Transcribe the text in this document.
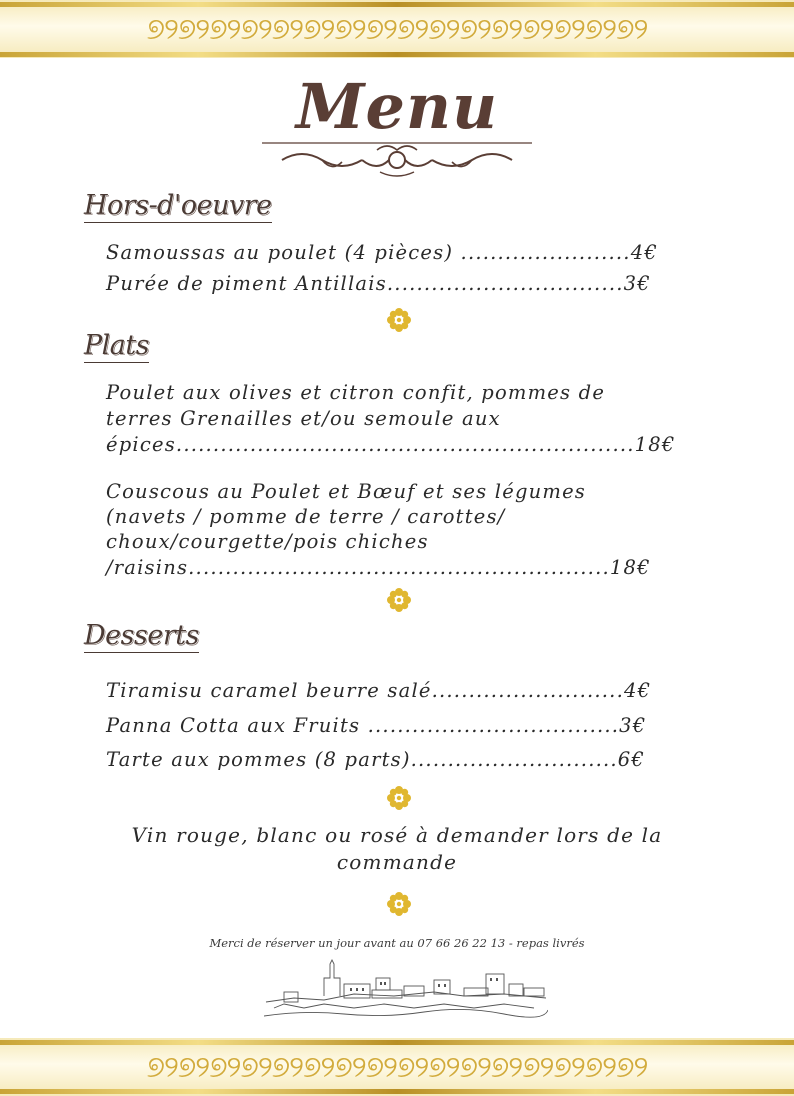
୭୨୭୨୭୨୭୨୭୨୭୨୭୨୭୨୭୨୭୨୭୨୭୨୭୨୭୨୭୨୭୨
Menu
Hors-d'oeuvre
Samoussas au poulet (4 pièces) .......................4€
Purée de piment Antillais................................3€
Plats
Poulet aux olives et citron confit, pommes de
terres Grenailles et/ou semoule aux
épices..............................................................18€
Couscous au Poulet et Bœuf et ses légumes
(navets / pomme de terre / carottes/
choux/courgette/pois chiches
/raisins.........................................................18€
Desserts
Tiramisu caramel beurre salé..........................4€
Panna Cotta aux Fruits ..................................3€
Tarte aux pommes (8 parts)............................6€
Vin rouge, blanc ou rosé à demander lors de la
commande
Merci de réserver un jour avant au 07 66 26 22 13 - repas livrés
୭୨୭୨୭୨୭୨୭୨୭୨୭୨୭୨୭୨୭୨୭୨୭୨୭୨୭୨୭୨୭୨
